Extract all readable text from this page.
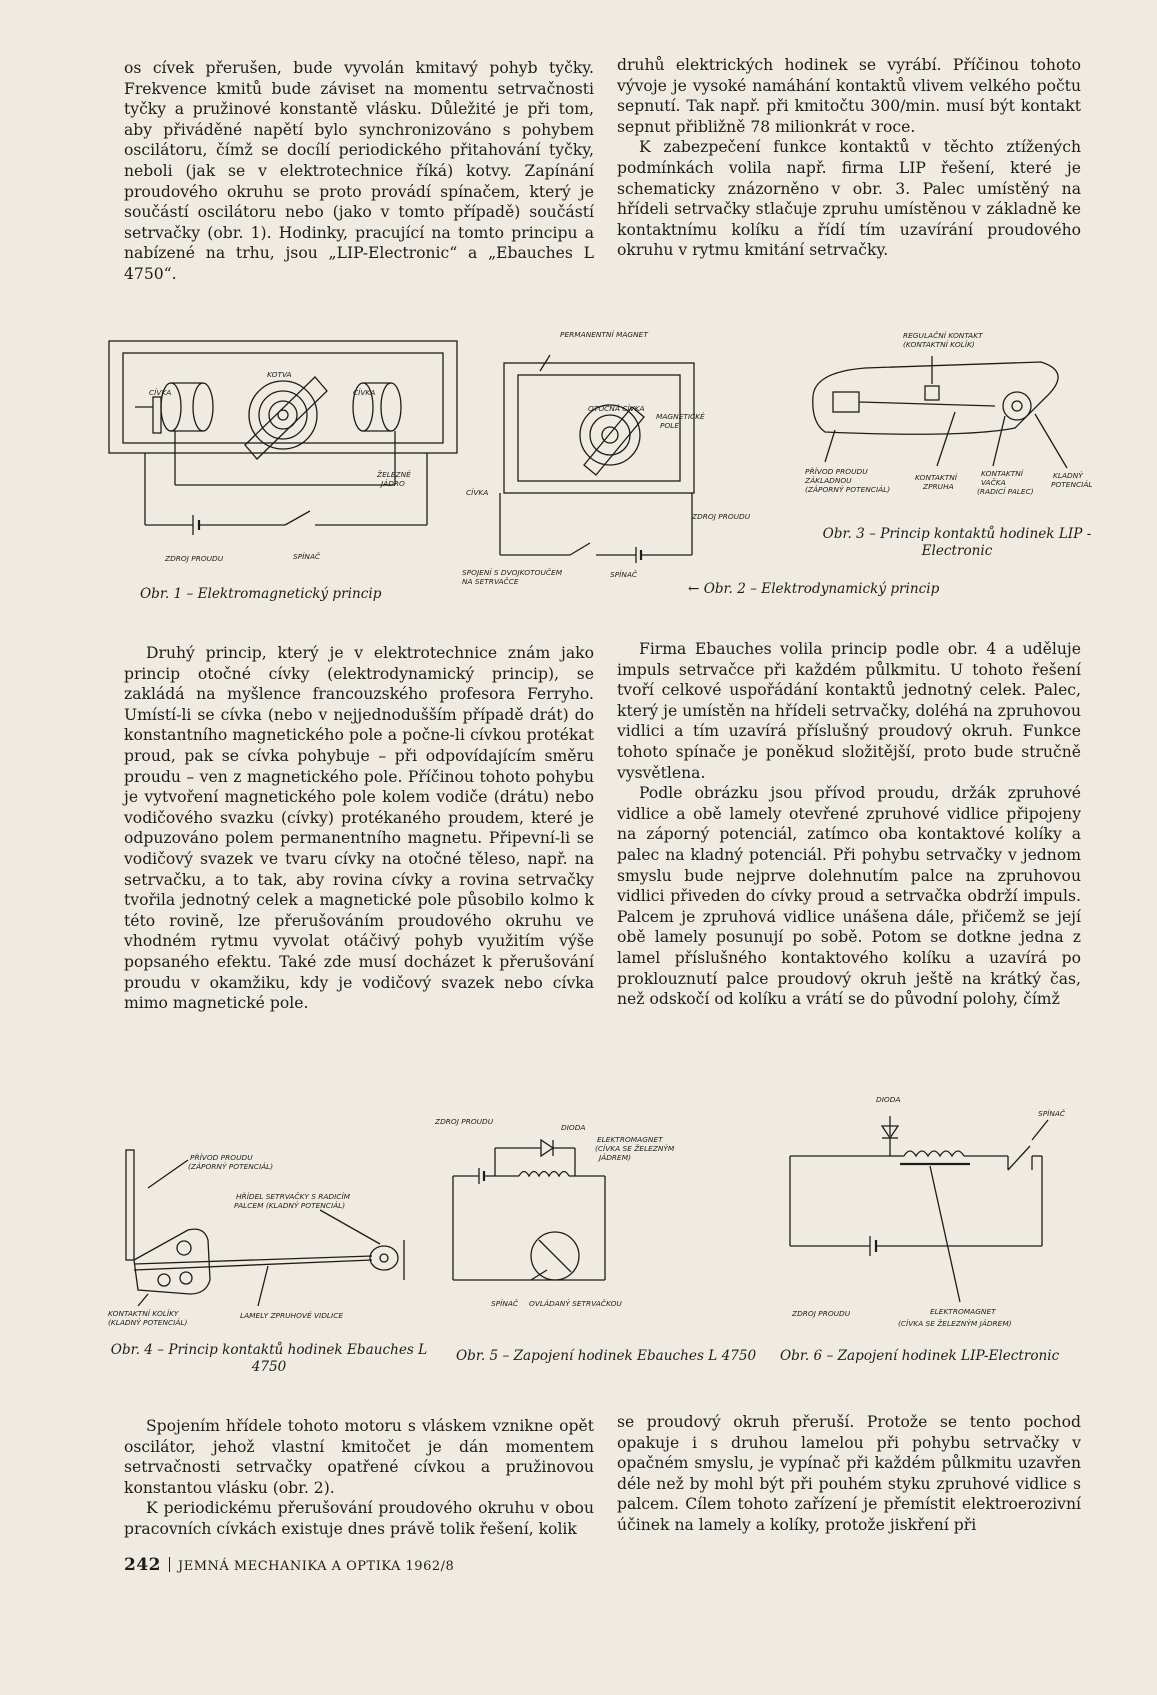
os cívek přerušen, bude vyvolán kmitavý pohyb tyčky. Frekvence kmitů bude záviset na momentu setrvačnosti tyčky a pružinové konstantě vlásku. Důležité je při tom, aby přiváděné napětí bylo synchronizováno s pohybem oscilátoru, čímž se docílí periodického přitahování tyčky, neboli (jak se v elektrotechnice říká) kotvy. Zapínání proudového okruhu se proto provádí spínačem, který je součástí oscilátoru nebo (jako v tomto případě) součástí setrvačky (obr. 1). Hodinky, pracující na tomto principu a nabízené na trhu, jsou „LIP-Electronic“ a „Ebauches L 4750“.

druhů elektrických hodinek se vyrábí. Příčinou tohoto vývoje je vysoké namáhání kontaktů vlivem velkého počtu sepnutí. Tak např. při kmitočtu 300/min. musí být kontakt sepnut přibližně 78 milionkrát v roce.

K zabezpečení funkce kontaktů v těchto ztížených podmínkách volila např. firma LIP řešení, které je schematicky znázorněno v obr. 3. Palec umístěný na hřídeli setrvačky stlačuje zpruhu umístěnou v základně ke kontaktnímu kolíku a řídí tím uzavírání proudového okruhu v rytmu kmitání setrvačky.

KOTVA
CÍVKA	CÍVKA
ŽELEZNÉ
JÁDRO
ZDROJ PROUDU	SPÍNAČ
Obr. 1 – Elektromagnetický princip
PERMANENTNÍ MAGNET
OTOČNÁ CÍVKA
MAGNETICKÉ
POLE
CÍVKA
ZDROJ PROUDU
SPOJENÍ S DVOJKOTOUČEM
NA SETRVAČCE
SPÍNAČ
← Obr. 2 – Elektrodynamický princip
REGULAČNÍ KONTAKT
(KONTAKTNÍ KOLÍK)
PŘÍVOD PROUDU
ZÁKLADNOU
(ZÁPORNÝ POTENCIÁL)
KONTAKTNÍ
ZPRUHA
KONTAKTNÍ
VAČKA
(RADICÍ PALEC)
KLADNÝ
POTENCIÁL
Obr. 3 – Princip kontaktů hodinek LIP - Electronic

Druhý princip, který je v elektrotechnice znám jako princip otočné cívky (elektrodynamický princip), se zakládá na myšlence francouzského profesora Ferryho. Umístí-li se cívka (nebo v nejjednodušším případě drát) do konstantního magnetického pole a počne-li cívkou protékat proud, pak se cívka pohybuje – při odpovídajícím směru proudu – ven z magnetického pole. Příčinou tohoto pohybu je vytvoření magnetického pole kolem vodiče (drátu) nebo vodičového svazku (cívky) protékaného proudem, které je odpuzováno polem permanentního magnetu. Připevní-li se vodičový svazek ve tvaru cívky na otočné těleso, např. na setrvačku, a to tak, aby rovina cívky a rovina setrvačky tvořila jednotný celek a magnetické pole působilo kolmo k této rovině, lze přerušováním proudového okruhu ve vhodném rytmu vyvolat otáčivý pohyb využitím výše popsaného efektu. Také zde musí docházet k přerušování proudu v okamžiku, kdy je vodičový svazek nebo cívka mimo magnetické pole.

Firma Ebauches volila princip podle obr. 4 a uděluje impuls setrvačce při každém půlkmitu. U tohoto řešení tvoří celkové uspořádání kontaktů jednotný celek. Palec, který je umístěn na hřídeli setrvačky, doléhá na zpruhovou vidlici a tím uzavírá příslušný proudový okruh. Funkce tohoto spínače je poněkud složitější, proto bude stručně vysvětlena.

Podle obrázku jsou přívod proudu, držák zpruhové vidlice a obě lamely otevřené zpruhové vidlice připojeny na záporný potenciál, zatímco oba kontaktové kolíky a palec na kladný potenciál. Při pohybu setrvačky v jednom smyslu bude nejprve dolehnutím palce na zpruhovou vidlici přiveden do cívky proud a setrvačka obdrží impuls. Palcem je zpruhová vidlice unášena dále, přičemž se její obě lamely posunují po sobě. Potom se dotkne jedna z lamel příslušného kontaktového kolíku a uzavírá po proklouznutí palce proudový okruh ještě na krátký čas, než odskočí od kolíku a vrátí se do původní polohy, čímž

PŘÍVOD PROUDU
(ZÁPORNÝ POTENCIÁL)
HŘÍDEL SETRVAČKY S RADICÍM
PALCEM (KLADNÝ POTENCIÁL)
KONTAKTNÍ KOLÍKY
(KLADNÝ POTENCIÁL)
LAMELY ZPRUHOVÉ VIDLICE
Obr. 4 – Princip kontaktů hodinek Ebauches L 4750
ZDROJ PROUDU
DIODA
ELEKTROMAGNET
(CÍVKA SE ŽELEZNÝM
JÁDREM)
SPÍNAČ OVLÁDANÝ SETRVAČKOU
Obr. 5 – Zapojení hodinek Ebauches L 4750
DIODA
SPÍNAČ
ZDROJ PROUDU	ELEKTROMAGNET
(CÍVKA SE ŽELEZNÝM JÁDREM)
Obr. 6 – Zapojení hodinek LIP-Electronic

Spojením hřídele tohoto motoru s vláskem vznikne opět oscilátor, jehož vlastní kmitočet je dán momentem setrvačnosti setrvačky opatřené cívkou a pružinovou konstantou vlásku (obr. 2).

K periodickému přerušování proudového okruhu v obou pracovních cívkách existuje dnes právě tolik řešení, kolik

se proudový okruh přeruší. Protože se tento pochod opakuje i s druhou lamelou při pohybu setrvačky v opačném smyslu, je vypínač při každém půlkmitu uzavřen déle než by mohl být při pouhém styku zpruhové vidlice s palcem. Cílem tohoto zařízení je přemístit elektroerozivní účinek na lamely a kolíky, protože jiskření při

242 JEMNÁ MECHANIKA A OPTIKA 1962/8
